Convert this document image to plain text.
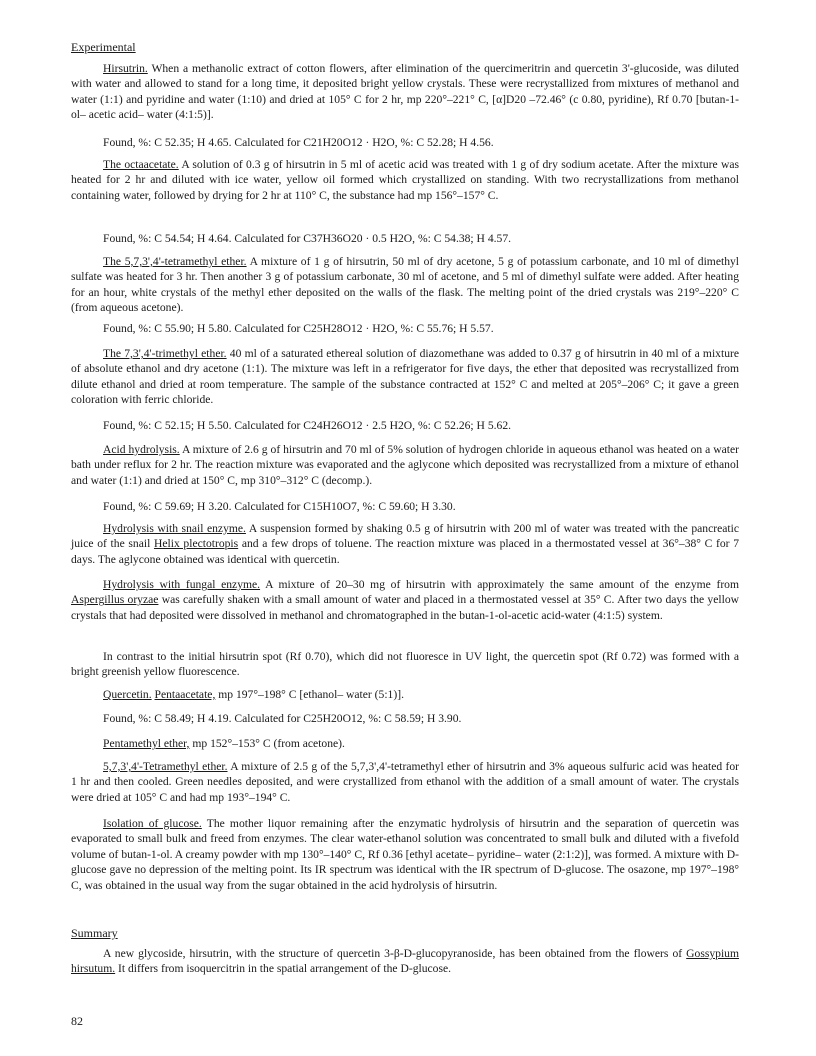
Experimental
Hirsutrin. When a methanolic extract of cotton flowers, after elimination of the quercimeritrin and quercetin 3'-glucoside, was diluted with water and allowed to stand for a long time, it deposited bright yellow crystals. These were recrystallized from mixtures of methanol and water (1:1) and pyridine and water (1:10) and dried at 105° C for 2 hr, mp 220°–221° C, [α]D20 –72.46° (c 0.80, pyridine), Rf 0.70 [butan-1-ol– acetic acid– water (4:1:5)].
Found, %: C 52.35; H 4.65. Calculated for C21H20O12 · H2O, %: C 52.28; H 4.56.
The octaacetate. A solution of 0.3 g of hirsutrin in 5 ml of acetic acid was treated with 1 g of dry sodium acetate. After the mixture was heated for 2 hr and diluted with ice water, yellow oil formed which crystallized on standing. With two recrystallizations from methanol containing water, followed by drying for 2 hr at 110° C, the substance had mp 156°–157° C.
Found, %: C 54.54; H 4.64. Calculated for C37H36O20 · 0.5 H2O, %: C 54.38; H 4.57.
The 5,7,3',4'-tetramethyl ether. A mixture of 1 g of hirsutrin, 50 ml of dry acetone, 5 g of potassium carbonate, and 10 ml of dimethyl sulfate was heated for 3 hr. Then another 3 g of potassium carbonate, 30 ml of acetone, and 5 ml of dimethyl sulfate were added. After heating for an hour, white crystals of the methyl ether deposited on the walls of the flask. The melting point of the dried crystals was 219°–220° C (from aqueous acetone).
Found, %: C 55.90; H 5.80. Calculated for C25H28O12 · H2O, %: C 55.76; H 5.57.
The 7,3',4'-trimethyl ether. 40 ml of a saturated ethereal solution of diazomethane was added to 0.37 g of hirsutrin in 40 ml of a mixture of absolute ethanol and dry acetone (1:1). The mixture was left in a refrigerator for five days, the ether that deposited was recrystallized from dilute ethanol and dried at room temperature. The sample of the substance contracted at 152° C and melted at 205°–206° C; it gave a green coloration with ferric chloride.
Found, %: C 52.15; H 5.50. Calculated for C24H26O12 · 2.5 H2O, %: C 52.26; H 5.62.
Acid hydrolysis. A mixture of 2.6 g of hirsutrin and 70 ml of 5% solution of hydrogen chloride in aqueous ethanol was heated on a water bath under reflux for 2 hr. The reaction mixture was evaporated and the aglycone which deposited was recrystallized from a mixture of ethanol and water (1:1) and dried at 150° C, mp 310°–312° C (decomp.).
Found, %: C 59.69; H 3.20. Calculated for C15H10O7, %: C 59.60; H 3.30.
Hydrolysis with snail enzyme. A suspension formed by shaking 0.5 g of hirsutrin with 200 ml of water was treated with the pancreatic juice of the snail Helix plectotropis and a few drops of toluene. The reaction mixture was placed in a thermostated vessel at 36°–38° C for 7 days. The aglycone obtained was identical with quercetin.
Hydrolysis with fungal enzyme. A mixture of 20–30 mg of hirsutrin with approximately the same amount of the enzyme from Aspergillus oryzae was carefully shaken with a small amount of water and placed in a thermostated vessel at 35° C. After two days the yellow crystals that had deposited were dissolved in methanol and chromatographed in the butan-1-ol-acetic acid-water (4:1:5) system.
In contrast to the initial hirsutrin spot (Rf 0.70), which did not fluoresce in UV light, the quercetin spot (Rf 0.72) was formed with a bright greenish yellow fluorescence.
Quercetin. Pentaacetate, mp 197°–198° C [ethanol– water (5:1)].
Found, %: C 58.49; H 4.19. Calculated for C25H20O12, %: C 58.59; H 3.90.
Pentamethyl ether, mp 152°–153° C (from acetone).
5,7,3',4'-Tetramethyl ether. A mixture of 2.5 g of the 5,7,3',4'-tetramethyl ether of hirsutrin and 3% aqueous sulfuric acid was heated for 1 hr and then cooled. Green needles deposited, and were crystallized from ethanol with the addition of a small amount of water. The crystals were dried at 105° C and had mp 193°–194° C.
Isolation of glucose. The mother liquor remaining after the enzymatic hydrolysis of hirsutrin and the separation of quercetin was evaporated to small bulk and freed from enzymes. The clear water-ethanol solution was concentrated to small bulk and diluted with a fivefold volume of butan-1-ol. A creamy powder with mp 130°–140° C, Rf 0.36 [ethyl acetate– pyridine– water (2:1:2)], was formed. A mixture with D-glucose gave no depression of the melting point. Its IR spectrum was identical with the IR spectrum of D-glucose. The osazone, mp 197°–198° C, was obtained in the usual way from the sugar obtained in the acid hydrolysis of hirsutrin.
Summary
A new glycoside, hirsutrin, with the structure of quercetin 3-β-D-glucopyranoside, has been obtained from the flowers of Gossypium hirsutum. It differs from isoquercitrin in the spatial arrangement of the D-glucose.
82
